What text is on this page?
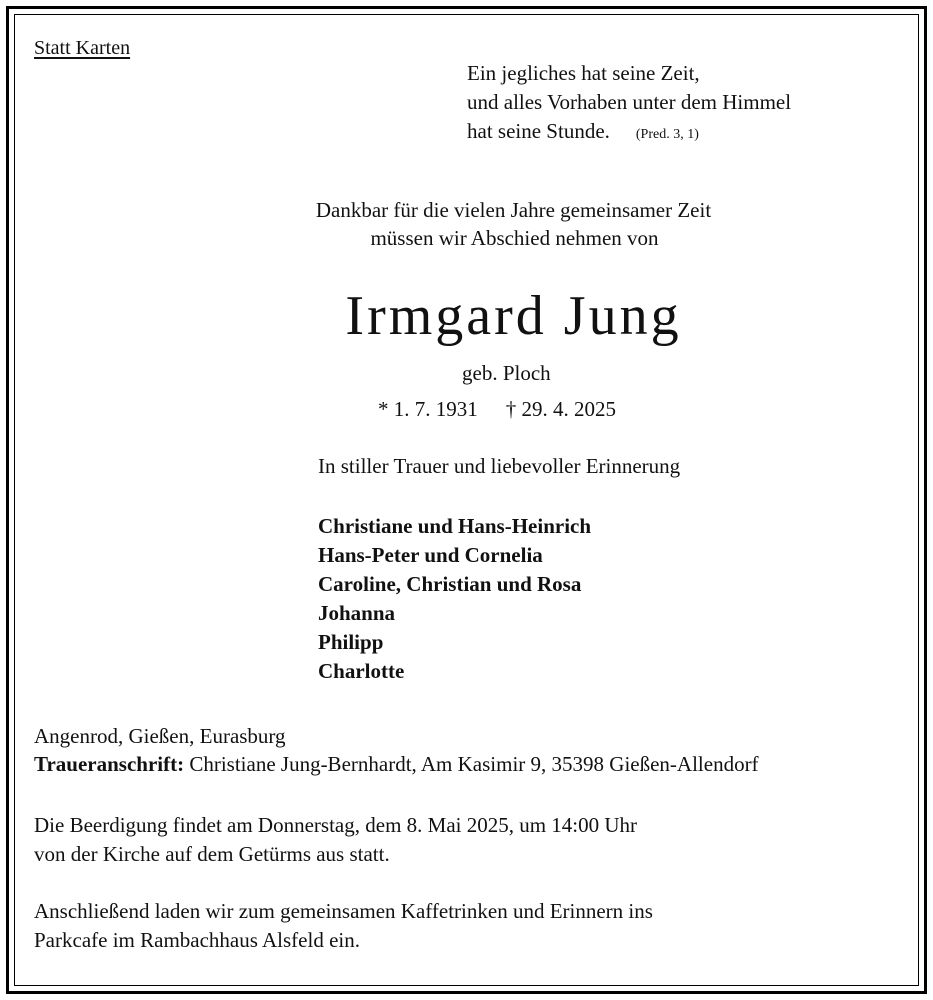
Statt Karten
Ein jegliches hat seine Zeit,
und alles Vorhaben unter dem Himmel
hat seine Stunde. (Pred. 3, 1)
Dankbar für die vielen Jahre gemeinsamer Zeit
müssen wir Abschied nehmen von
Irmgard Jung
geb. Ploch
* 1. 7. 1931 † 29. 4. 2025
In stiller Trauer und liebevoller Erinnerung
Christiane und Hans-Heinrich
Hans-Peter und Cornelia
Caroline, Christian und Rosa
Johanna
Philipp
Charlotte
Angenrod, Gießen, Eurasburg
Traueranschrift: Christiane Jung-Bernhardt, Am Kasimir 9, 35398 Gießen-Allendorf
Die Beerdigung findet am Donnerstag, dem 8. Mai 2025, um 14:00 Uhr
von der Kirche auf dem Getürms aus statt.
Anschließend laden wir zum gemeinsamen Kaffetrinken und Erinnern ins
Parkcafe im Rambachhaus Alsfeld ein.
